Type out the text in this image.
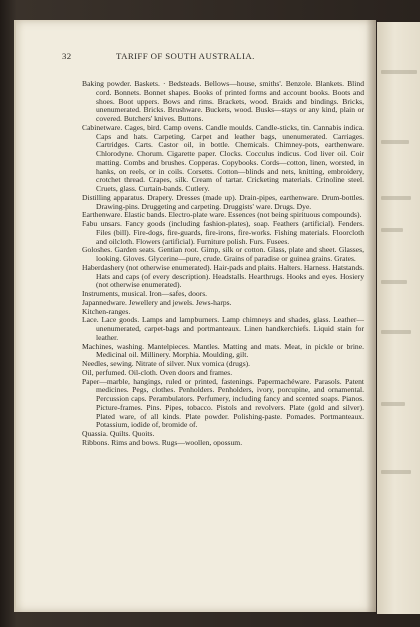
32	TARIFF OF SOUTH AUSTRALIA.

Baking powder. Baskets. · Bedsteads. Bellows—house, smiths'. Benzole. Blankets. Blind cord. Bonnets. Bonnet shapes. Books of printed forms and account books. Boots and shoes. Boot uppers. Bows and rims. Brackets, wood. Braids and bindings. Bricks, unenumerated. Bricks. Brushware. Buckets, wood. Busks—stays or any kind, plain or covered. Butchers' knives. Buttons.

Cabinetware. Cages, bird. Camp ovens. Candle moulds. Candle-sticks, tin. Cannabis indica. Caps and hats. Carpeting. Carpet and leather bags, unenumerated. Carriages. Cartridges. Carts. Castor oil, in bottle. Chemicals. Chimney-pots, earthenware. Chlorodyne. Chorum. Cigarette paper. Clocks. Cocculus indicus. Cod liver oil. Coir matting. Combs and brushes. Copperas. Copybooks. Cords—cotton, linen, worsted, in hanks, on reels, or in coils. Corsetts. Cotton—blinds and nets, knitting, embroidery, crotchet thread. Crapes, silk. Cream of tartar. Cricketing materials. Crinoline steel. Cruets, glass. Curtain-bands. Cutlery.

Distilling apparatus. Drapery. Dresses (made up). Drain-pipes, earthenware. Drum-bottles. Drawing-pins. Druggeting and carpeting. Druggists' ware. Drugs. Dye.

Earthenware. Elastic bands. Electro-plate ware. Essences (not being spirituous compounds).

Fabu unsars. Fancy goods (including fashion-plates), soap. Feathers (artificial). Fenders. Files (bill). Fire-dogs, fire-guards, fire-irons, fire-works. Fishing materials. Floorcloth and oilcloth. Flowers (artificial). Furniture polish. Furs. Fusees.

Goloshes. Garden seats. Gentian root. Gimp, silk or cotton. Glass, plate and sheet. Glasses, looking. Gloves. Glycerine—pure, crude. Grains of paradise or guinea grains. Grates.

Haberdashery (not otherwise enumerated). Hair-pads and plaits. Halters. Harness. Hatstands. Hats and caps (of every description). Headstalls. Hearthrugs. Hooks and eyes. Hosiery (not otherwise enumerated).

Instruments, musical. Iron—safes, doors.

Japannedware. Jewellery and jewels. Jews-harps.

Kitchen-ranges.

Lace. Lace goods. Lamps and lampburners. Lamp chimneys and shades, glass. Leather—unenumerated, carpet-bags and portmanteaux. Linen handkerchiefs. Liquid stain for leather.

Machines, washing. Mantelpieces. Mantles. Matting and mats. Meat, in pickle or brine. Medicinal oil. Millinery. Morphia. Moulding, gilt.

Needles, sewing. Nitrate of silver. Nux vomica (drugs).

Oil, perfumed. Oil-cloth. Oven doors and frames.

Paper—marble, hangings, ruled or printed, fastenings. Papermachéware. Parasols. Patent medicines. Pegs, clothes. Penholders. Penholders, ivory, porcupine, and ornamental. Percussion caps. Perambulators. Perfumery, including fancy and scented soaps. Pianos. Picture-frames. Pins. Pipes, tobacco. Pistols and revolvers. Plate (gold and silver). Plated ware, of all kinds. Plate powder. Polishing-paste. Pomades. Portmanteaux. Potassium, iodide of, bromide of.

Quassia. Quilts. Quoits.

Ribbons. Rims and bows. Rugs—woollen, opossum.
